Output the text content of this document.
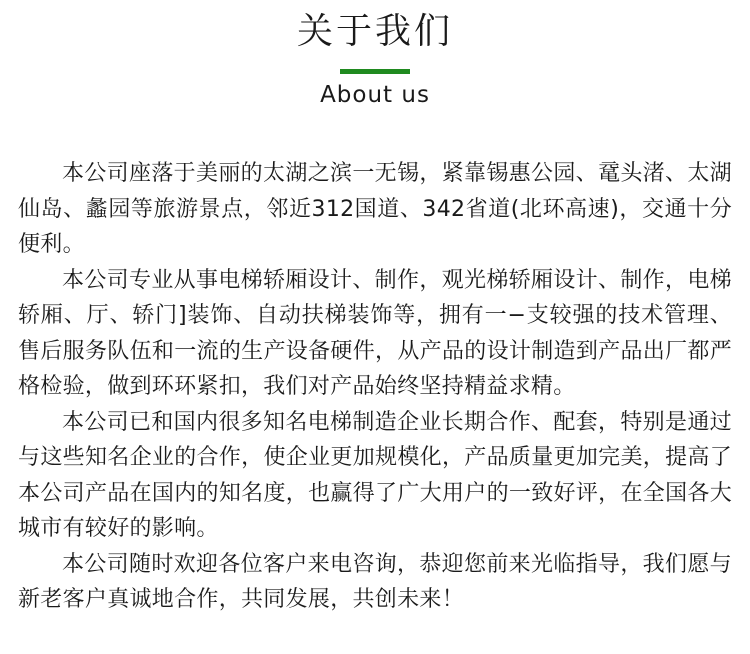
关于我们
About us

本公司座落于美丽的太湖之滨一无锡，紧靠锡惠公园、鼋头渚、太湖仙岛、蠡园等旅游景点，邻近312国道、342省道(北环高速)，交通十分便利。

本公司专业从事电梯轿厢设计、制作，观光梯轿厢设计、制作，电梯轿厢、厅、轿门]装饰、自动扶梯装饰等，拥有一−支较强的技术管理、售后服务队伍和一流的生产设备硬件，从产品的设计制造到产品出厂都严格检验，做到环环紧扣，我们对产品始终坚持精益求精。

本公司已和国内很多知名电梯制造企业长期合作、配套，特别是通过与这些知名企业的合作，使企业更加规模化，产品质量更加完美，提高了本公司产品在国内的知名度，也赢得了广大用户的一致好评，在全国各大城市有较好的影响。

本公司随时欢迎各位客户来电咨询，恭迎您前来光临指导，我们愿与新老客户真诚地合作，共同发展，共创未来！
